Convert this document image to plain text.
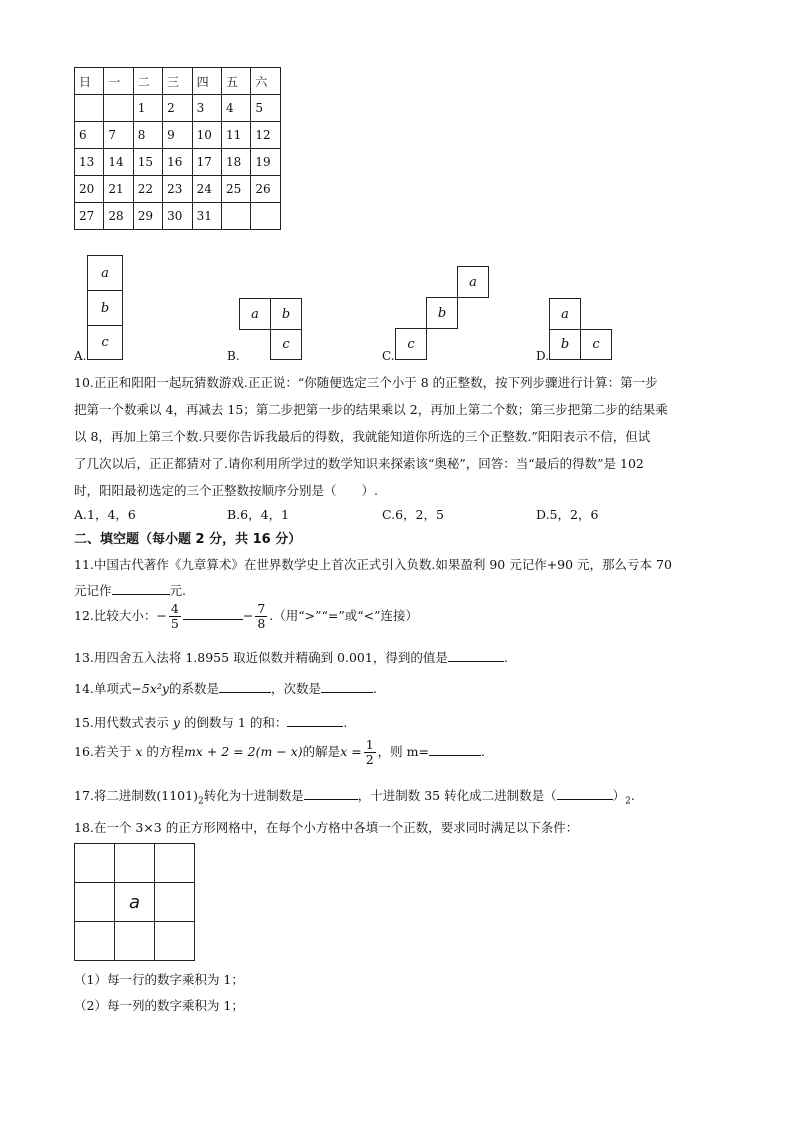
日	一	二	三	四	五	六
		1	2	3	4	5
6	7	8	9	10	11	12
13	14	15	16	17	18	19
20	21	22	23	24	25	26
27	28	29	30	31		
a
b
c
A.
a	b
c
B.
a
b
c
C.
a
b	c
D.
10.正正和阳阳一起玩猜数游戏.正正说：“你随便选定三个小于 8 的正整数，按下列步骤进行计算：第一步
把第一个数乘以 4，再减去 15；第二步把第一步的结果乘以 2，再加上第二个数；第三步把第二步的结果乘
以 8，再加上第三个数.只要你告诉我最后的得数，我就能知道你所选的三个正整数.”阳阳表示不信，但试
了几次以后，正正都猜对了.请你利用所学过的数学知识来探索该“奥秘”，回答：当“最后的得数”是 102
时，阳阳最初选定的三个正整数按顺序分别是（　　）.
A.1，4，6	B.6，4，1	C.6，2，5	D.5，2，6
二、填空题（每小题 2 分，共 16 分）
11.中国古代著作《九章算术》在世界数学史上首次正式引入负数.如果盈利 90 元记作+90 元，那么亏本 70
元记作	元.
12.比较大小：− $\frac{4}{5}$	− $\frac{7}{8}$ .（用“>”“=”或“<”连接）
13.用四舍五入法将 1.8955 取近似数并精确到 0.001，得到的值是	.
14.单项式−5x²y的系数是	，次数是	.
15.用代数式表示 y 的倒数与 1 的和：	.
16.若关于 x 的方程mx + 2 = 2(m − x)的解是$x = \frac{1}{2}$ ，则 m=	.
17.将二进制数$(1101)_2$转化为十进制数是	，十进制数 35 转化成二进制数是（	）$_2$.
18.在一个 3×3 的正方形网格中，在每个小方格中各填一个正数，要求同时满足以下条件：

	a	

（1）每一行的数字乘积为 1；
（2）每一列的数字乘积为 1；
